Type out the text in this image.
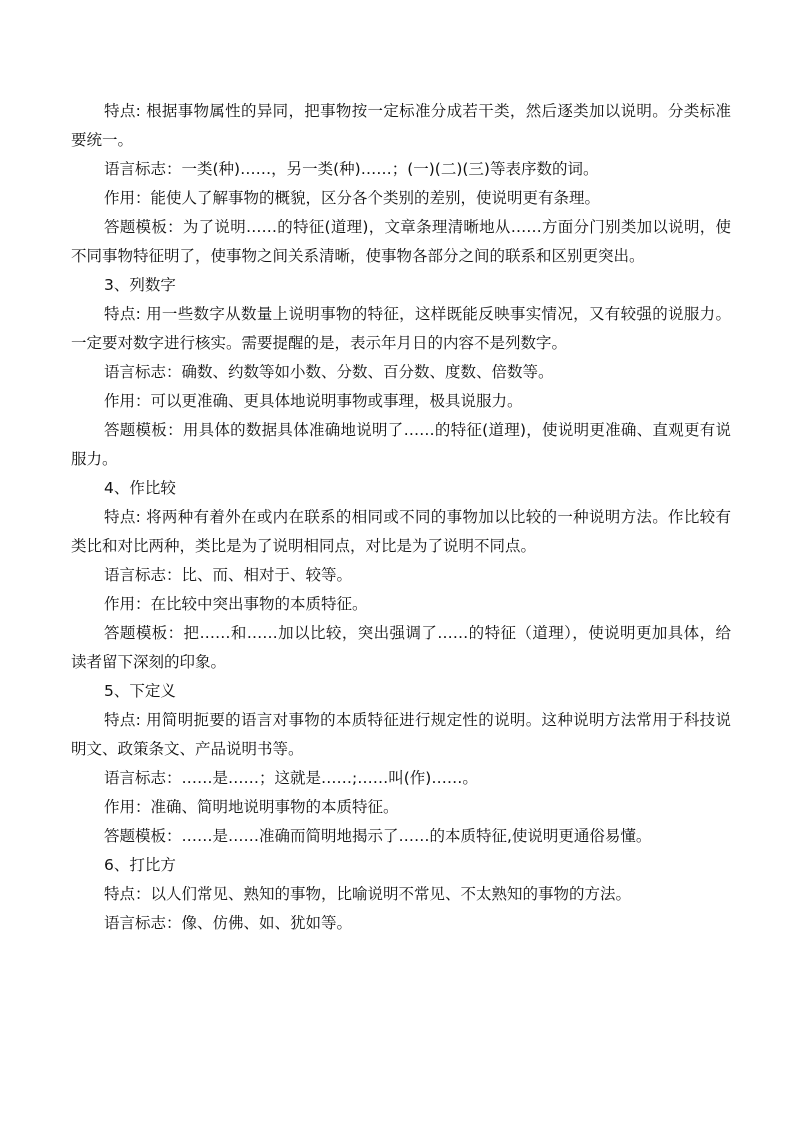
特点: 根据事物属性的异同，把事物按一定标准分成若干类，然后逐类加以说明。分类标准要统一。

语言标志：一类(种)……，另一类(种)……；(一)(二)(三)等表序数的词。

作用：能使人了解事物的概貌，区分各个类别的差别，使说明更有条理。

答题模板：为了说明……的特征(道理)，文章条理清晰地从……方面分门别类加以说明，使不同事物特征明了，使事物之间关系清晰，使事物各部分之间的联系和区别更突出。

3、列数字

特点: 用一些数字从数量上说明事物的特征，这样既能反映事实情况，又有较强的说服力。一定要对数字进行核实。需要提醒的是，表示年月日的内容不是列数字。

语言标志：确数、约数等如小数、分数、百分数、度数、倍数等。

作用：可以更准确、更具体地说明事物或事理，极具说服力。

答题模板：用具体的数据具体准确地说明了……的特征(道理)，使说明更准确、直观更有说服力。

4、作比较

特点: 将两种有着外在或内在联系的相同或不同的事物加以比较的一种说明方法。作比较有类比和对比两种，类比是为了说明相同点，对比是为了说明不同点。

语言标志：比、而、相对于、较等。

作用：在比较中突出事物的本质特征。

答题模板：把……和……加以比较，突出强调了……的特征（道理），使说明更加具体，给读者留下深刻的印象。

5、下定义

特点: 用简明扼要的语言对事物的本质特征进行规定性的说明。这种说明方法常用于科技说明文、政策条文、产品说明书等。

语言标志：……是……；这就是……;……叫(作)……。

作用：准确、简明地说明事物的本质特征。

答题模板：……是……准确而简明地揭示了……的本质特征,使说明更通俗易懂。

6、打比方

特点：以人们常见、熟知的事物，比喻说明不常见、不太熟知的事物的方法。

语言标志：像、仿佛、如、犹如等。
